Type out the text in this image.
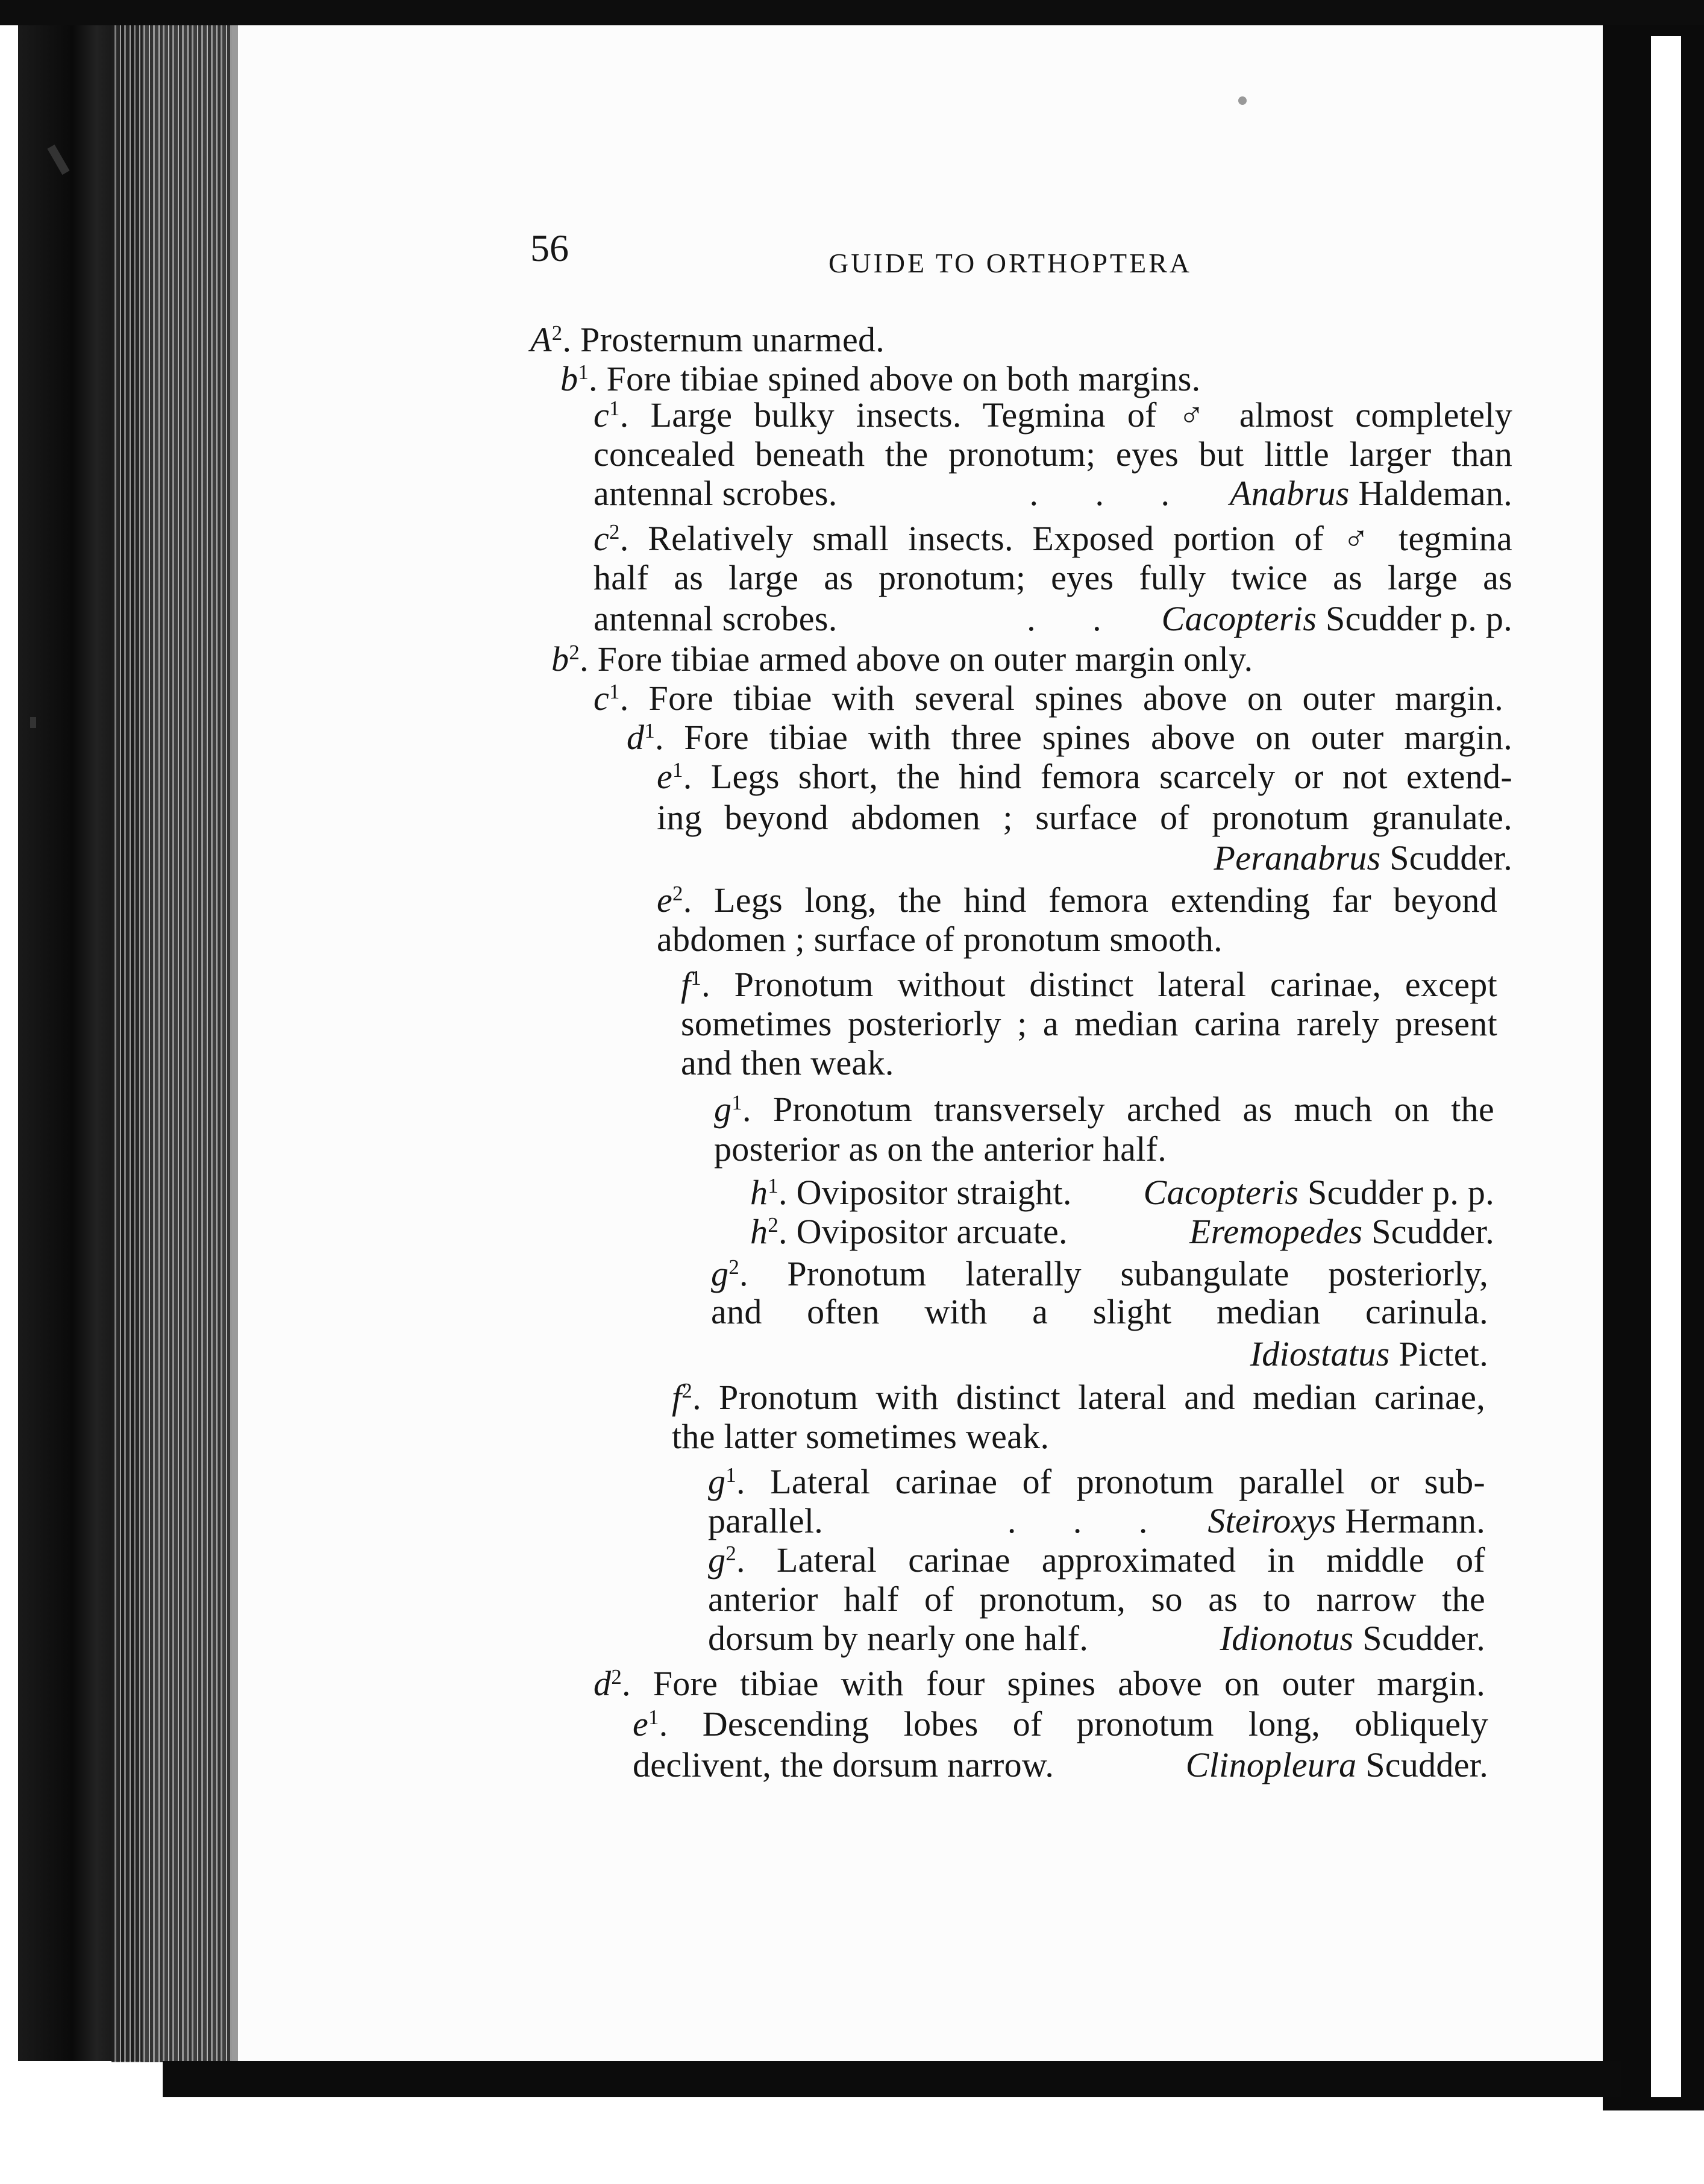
56	GUIDE TO ORTHOPTERA
$A^2$. Prosternum unarmed.
$b^1$. Fore tibiae spined above on both margins.
$c^1$. Large bulky insects. Tegmina of ♂ almost completely
concealed beneath the pronotum; eyes but little larger than
antennal scrobes.	. . . Anabrus Haldeman.
$c^2$. Relatively small insects. Exposed portion of ♂ tegmina
half as large as pronotum; eyes fully twice as large as
antennal scrobes.	. . Cacopteris Scudder p. p.
$b^2$. Fore tibiae armed above on outer margin only.
$c^1$. Fore tibiae with several spines above on outer margin.
$d^1$. Fore tibiae with three spines above on outer margin.
$e^1$. Legs short, the hind femora scarcely or not extend-
ing beyond abdomen ; surface of pronotum granulate.
Peranabrus Scudder.
$e^2$. Legs long, the hind femora extending far beyond
abdomen ; surface of pronotum smooth.
$f^1$. Pronotum without distinct lateral carinae, except
sometimes posteriorly ; a median carina rarely present
and then weak.
$g^1$. Pronotum transversely arched as much on the
posterior as on the anterior half.
$h^1$. Ovipositor straight. Cacopteris Scudder p. p.
$h^2$. Ovipositor arcuate.	Eremopedes Scudder.
$g^2$. Pronotum laterally subangulate posteriorly,
and often with a slight median carinula.
Idiostatus Pictet.
$f^2$. Pronotum with distinct lateral and median carinae,
the latter sometimes weak.
$g^1$. Lateral carinae of pronotum parallel or sub-
parallel.	. . . Steiroxys Hermann.
$g^2$. Lateral carinae approximated in middle of
anterior half of pronotum, so as to narrow the
dorsum by nearly one half.	Idionotus Scudder.
$d^2$. Fore tibiae with four spines above on outer margin.
$e^1$. Descending lobes of pronotum long, obliquely
declivent, the dorsum narrow.	Clinopleura Scudder.
